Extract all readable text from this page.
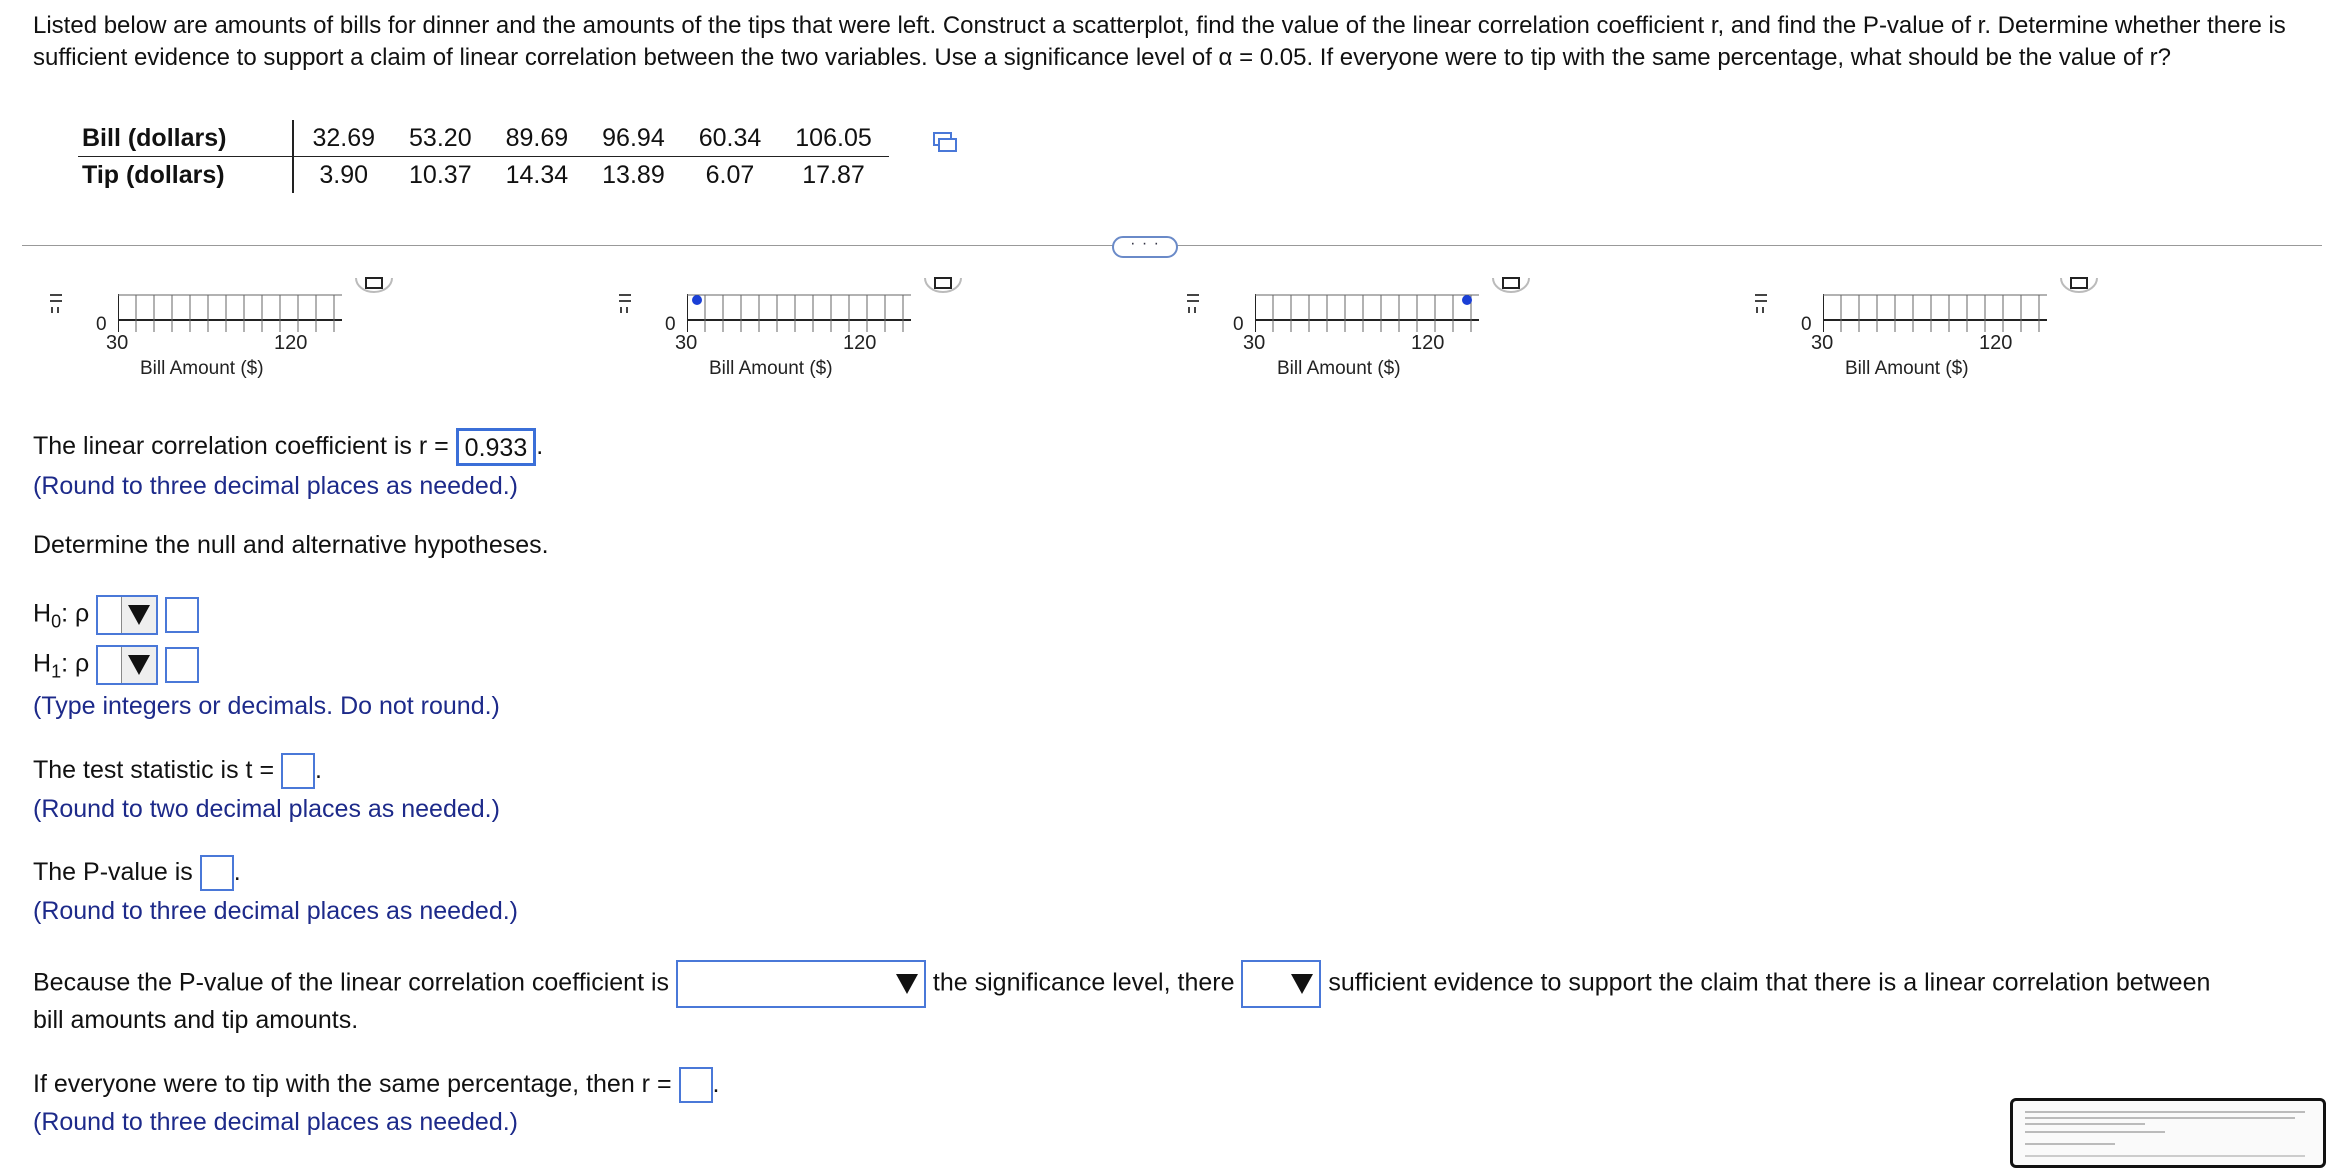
Listed below are amounts of bills for dinner and the amounts of the tips that were left. Construct a scatterplot, find the value of the linear correlation coefficient r, and find the P-value of r. Determine whether there is sufficient evidence to support a claim of linear correlation between the two variables. Use a significance level of α = 0.05. If everyone were to tip with the same percentage, what should be the value of r?
Bill (dollars)	32.69	53.20	89.69	96.94	60.34	106.05
Tip (dollars)	3.90	10.37	14.34	13.89	6.07	17.87
· · ·
0
30	120
Bill Amount ($)
0
30	120
Bill Amount ($)
0
30	120
Bill Amount ($)
0
30	120
Bill Amount ($)
The linear correlation coefficient is r = 0.933 .
(Round to three decimal places as needed.)
Determine the null and alternative hypotheses.
$H_0$: ρ

$H_1$: ρ

(Type integers or decimals. Do not round.)
The test statistic is t = .
(Round to two decimal places as needed.)
The P-value is .
(Round to three decimal places as needed.)
Because the P-value of the linear correlation coefficient is	the significance level, there	sufficient evidence to support the claim that there is a linear correlation between
bill amounts and tip amounts.
If everyone were to tip with the same percentage, then r = .
(Round to three decimal places as needed.)
